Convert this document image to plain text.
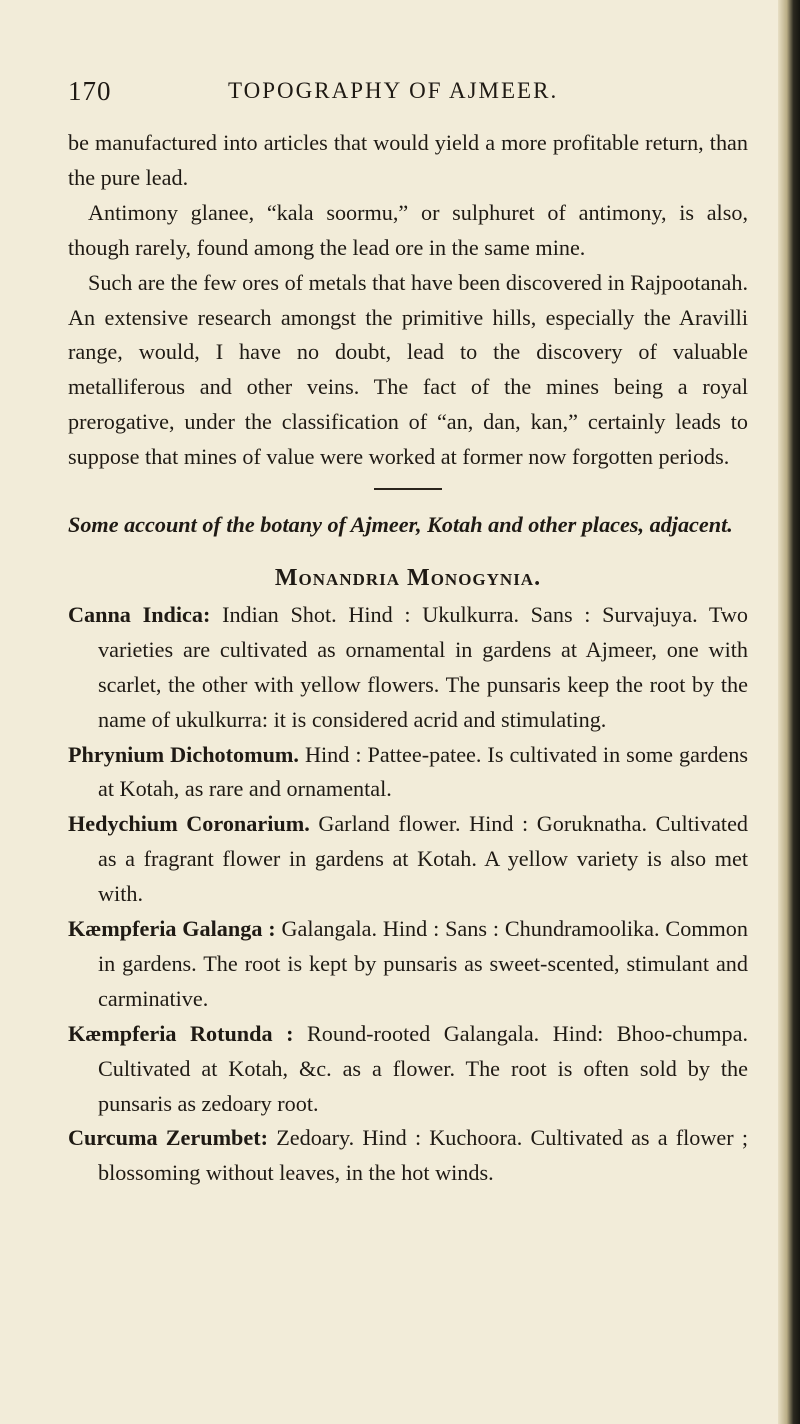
170	TOPOGRAPHY OF AJMEER.

be manufactured into articles that would yield a more profitable return, than the pure lead.

Antimony glanee, “kala soormu,” or sulphuret of antimony, is also, though rarely, found among the lead ore in the same mine.

Such are the few ores of metals that have been discovered in Rajpootanah. An extensive research amongst the primitive hills, especially the Aravilli range, would, I have no doubt, lead to the discovery of valuable metalliferous and other veins. The fact of the mines being a royal prerogative, under the classification of “an, dan, kan,” certainly leads to suppose that mines of value were worked at former now forgotten periods.

Some account of the botany of Ajmeer, Kotah and other places, adjacent.

Monandria Monogynia.

Canna Indica: Indian Shot. Hind : Ukulkurra. Sans : Survajuya. Two varieties are cultivated as ornamental in gardens at Ajmeer, one with scarlet, the other with yellow flowers. The punsaris keep the root by the name of ukulkurra: it is considered acrid and stimulating.

Phrynium Dichotomum. Hind : Pattee-patee. Is cultivated in some gardens at Kotah, as rare and ornamental.

Hedychium Coronarium. Garland flower. Hind : Goruknatha. Cultivated as a fragrant flower in gardens at Kotah. A yellow variety is also met with.

Kæmpferia Galanga : Galangala. Hind : Sans : Chundramoolika. Common in gardens. The root is kept by punsaris as sweet-scented, stimulant and carminative.

Kæmpferia Rotunda : Round-rooted Galangala. Hind: Bhoo-chumpa. Cultivated at Kotah, &c. as a flower. The root is often sold by the punsaris as zedoary root.

Curcuma Zerumbet: Zedoary. Hind : Kuchoora. Cultivated as a flower ; blossoming without leaves, in the hot winds.
